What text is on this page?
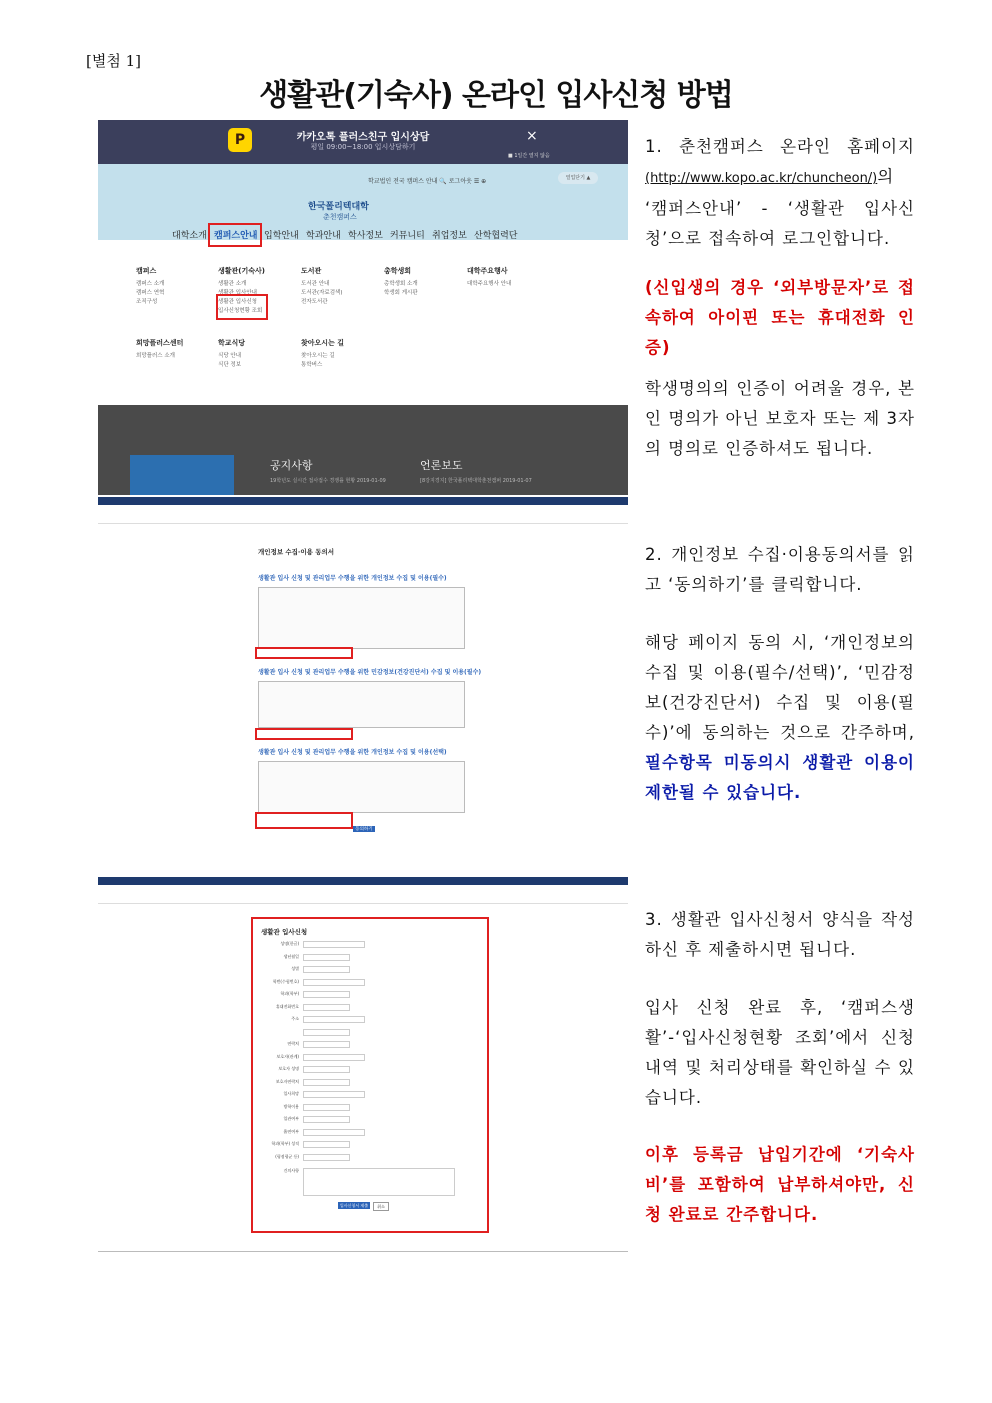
[별첨 1]
생활관(기숙사) 온라인 입사신청 방법
P	카카오톡 플러스친구 입시상담
평일 09:00~18:00 입시상담하기
×
■ 1일간 열지 않음
학교법인 전국 캠퍼스 안내 🔍 로그아웃 ☰ ⊕	열업닫기 ▲
한국폴리텍대학
춘천캠퍼스
대학소개 캠퍼스안내 입학안내 학과안내 학사정보 커뮤니티 취업정보 산학협력단
캠퍼스
캠퍼스 소개
캠퍼스 연혁
조직구성
생활관(기숙사)
생활관 소개
생활관 입사안내
생활관 입사신청
입사신청현황 조회
도서관
도서관 안내
도서관(자료검색)
전자도서관
총학생회
총학생회 소개
학생회 게시판
대학주요행사
대학주요행사 안내
희망플러스센터
희망플러스 소개
학교식당
식당 안내
식단 정보
찾아오시는 길
찾아오시는 길
통학버스
공지사항
19학년도 실시간 접사접수 경쟁률 현황 2019-01-09
언론보도
[8강지경지] 한국폴리텍대학춘천캠퍼 2019-01-07
개인정보 수집·이용 동의서
생활관 입사 신청 및 관리업무 수행을 위한 개인정보 수집 및 이용(필수)
생활관 입사 신청 및 관리업무 수행을 위한 민감정보(건강진단서) 수집 및 이용(필수)
생활관 입사 신청 및 관리업무 수행을 위한 개인정보 수집 및 이용(선택)
동의하기
생활관 입사신청
성명(한글)
생년월일
성별
학번(수험번호)
학과(학부)
휴대전화번호
주소
연락처
보호자(관계)
보호자 성명
보호자연락처
입사희망
방학이용
입관여부
흡연여부
학과(학부) 성적
(평점평균 등)
건의사항
입사신청서 제출	취소
1. 춘천캠퍼스 온라인 홈페이지 (http://www.kopo.ac.kr/chuncheon/)의 ‘캠퍼스안내’ - ‘생활관 입사신청’으로 접속하여 로그인합니다.
(신입생의 경우 ‘외부방문자’로 접속하여 아이핀 또는 휴대전화 인증)
학생명의의 인증이 어려울 경우, 본인 명의가 아닌 보호자 또는 제 3자의 명의로 인증하셔도 됩니다.
2. 개인정보 수집·이용동의서를 읽고 ‘동의하기’를 클릭합니다.
해당 페이지 동의 시, ‘개인정보의 수집 및 이용(필수/선택)’, ‘민감정보(건강진단서) 수집 및 이용(필수)’에 동의하는 것으로 간주하며, 필수항목 미동의시 생활관 이용이 제한될 수 있습니다.
3. 생활관 입사신청서 양식을 작성하신 후 제출하시면 됩니다.
입사 신청 완료 후, ‘캠퍼스생활’-‘입사신청현황 조회’에서 신청내역 및 처리상태를 확인하실 수 있습니다.
이후 등록금 납입기간에 ‘기숙사비’를 포함하여 납부하셔야만, 신청 완료로 간주합니다.
